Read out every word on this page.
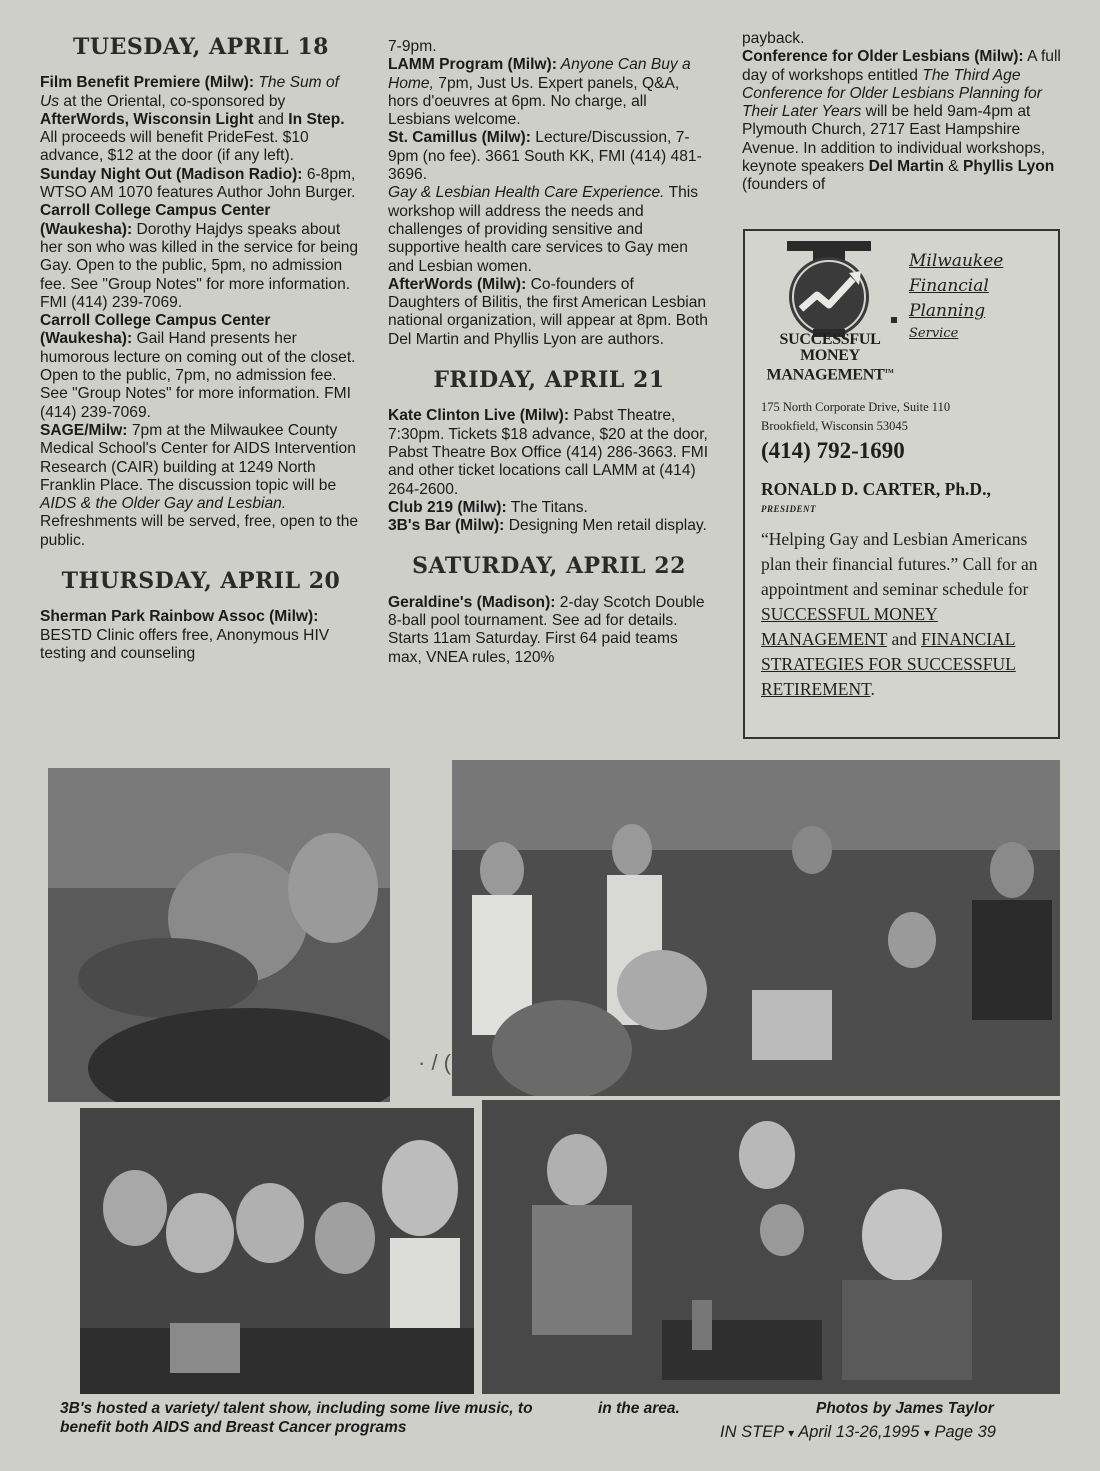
TUESDAY, APRIL 18

Film Benefit Premiere (Milw): The Sum of Us at the Oriental, co-sponsored by AfterWords, Wisconsin Light and In Step. All proceeds will benefit PrideFest. $10 advance, $12 at the door (if any left).

Sunday Night Out (Madison Radio): 6-8pm, WTSO AM 1070 features Author John Burger.

Carroll College Campus Center (Waukesha): Dorothy Hajdys speaks about her son who was killed in the service for being Gay. Open to the public, 5pm, no admission fee. See "Group Notes" for more information. FMI (414) 239-7069.

Carroll College Campus Center (Waukesha): Gail Hand presents her humorous lecture on coming out of the closet. Open to the public, 7pm, no admission fee. See "Group Notes" for more information. FMI (414) 239-7069.

SAGE/Milw: 7pm at the Milwaukee County Medical School's Center for AIDS Intervention Research (CAIR) building at 1249 North Franklin Place. The discussion topic will be AIDS & the Older Gay and Lesbian. Refreshments will be served, free, open to the public.

THURSDAY, APRIL 20

Sherman Park Rainbow Assoc (Milw): BESTD Clinic offers free, Anonymous HIV testing and counseling

7-9pm.

LAMM Program (Milw): Anyone Can Buy a Home, 7pm, Just Us. Expert panels, Q&A, hors d'oeuvres at 6pm. No charge, all Lesbians welcome.

St. Camillus (Milw): Lecture/Discussion, 7-9pm (no fee). 3661 South KK, FMI (414) 481-3696.

Gay & Lesbian Health Care Experience. This workshop will address the needs and challenges of providing sensitive and supportive health care services to Gay men and Lesbian women.

AfterWords (Milw): Co-founders of Daughters of Bilitis, the first American Lesbian national organization, will appear at 8pm. Both Del Martin and Phyllis Lyon are authors.

FRIDAY, APRIL 21

Kate Clinton Live (Milw): Pabst Theatre, 7:30pm. Tickets $18 advance, $20 at the door, Pabst Theatre Box Office (414) 286-3663. FMI and other ticket locations call LAMM at (414) 264-2600.

Club 219 (Milw): The Titans.

3B's Bar (Milw): Designing Men retail display.

SATURDAY, APRIL 22

Geraldine's (Madison): 2-day Scotch Double 8-ball pool tournament. See ad for details. Starts 11am Saturday. First 64 paid teams max, VNEA rules, 120%

payback.

Conference for Older Lesbians (Milw): A full day of workshops entitled The Third Age Conference for Older Lesbians Planning for Their Later Years will be held 9am-4pm at Plymouth Church, 2717 East Hampshire Avenue. In addition to individual workshops, keynote speakers Del Martin & Phyllis Lyon (founders of

SUCCESSFUL
MONEY
MANAGEMENT™
Milwaukee
Financial
Planning
Service
175 North Corporate Drive, Suite 110
Brookfield, Wisconsin 53045
(414) 792-1690
RONALD D. CARTER, Ph.D.,
PRESIDENT

“Helping Gay and Lesbian Americans plan their financial futures.” Call for an appointment and seminar schedule for SUCCESSFUL MONEY MANAGEMENT and FINANCIAL STRATEGIES FOR SUCCESSFUL RETIREMENT.

· / (
3B's hosted a variety/ talent show, including some live music, to benefit both AIDS and Breast Cancer programs
in the area.	Photos by James Taylor
IN STEP ▾ April 13-26,1995 ▾ Page 39
